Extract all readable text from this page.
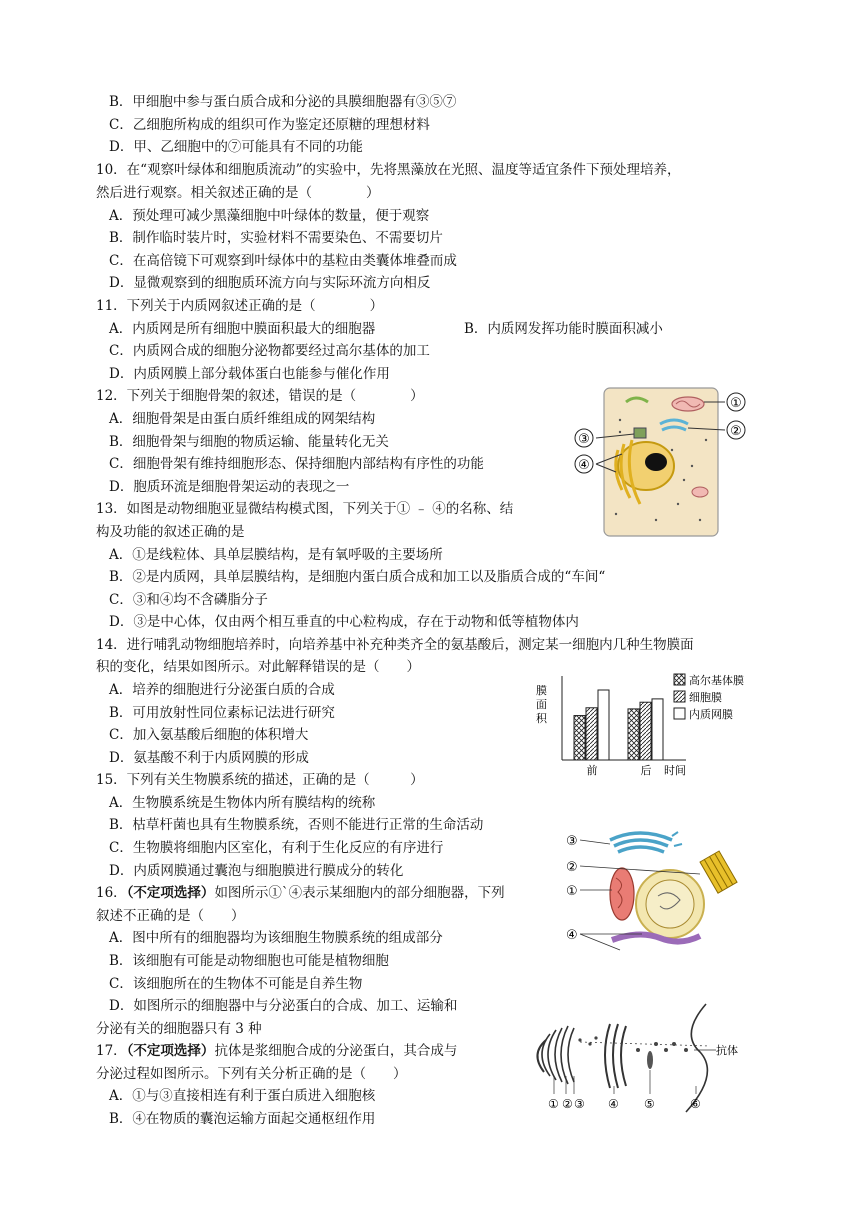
B．甲细胞中参与蛋白质合成和分泌的具膜细胞器有③⑤⑦
C．乙细胞所构成的组织可作为鉴定还原糖的理想材料
D．甲、乙细胞中的⑦可能具有不同的功能
10．在“观察叶绿体和细胞质流动”的实验中，先将黑藻放在光照、温度等适宜条件下预处理培养，
然后进行观察。相关叙述正确的是（　　　　）
A．预处理可减少黑藻细胞中叶绿体的数量，便于观察
B．制作临时装片时，实验材料不需要染色、不需要切片
C．在高倍镜下可观察到叶绿体中的基粒由类囊体堆叠而成
D．显微观察到的细胞质环流方向与实际环流方向相反
11．下列关于内质网叙述正确的是（　　　　）
A．内质网是所有细胞中膜面积最大的细胞器	B．内质网发挥功能时膜面积减小
C．内质网合成的细胞分泌物都要经过高尔基体的加工
D．内质网膜上部分载体蛋白也能参与催化作用
12．下列关于细胞骨架的叙述，错误的是（　　　　）
A．细胞骨架是由蛋白质纤维组成的网架结构
B．细胞骨架与细胞的物质运输、能量转化无关
C．细胞骨架有维持细胞形态、保持细胞内部结构有序性的功能
D．胞质环流是细胞骨架运动的表现之一
13．如图是动物细胞亚显微结构模式图，下列关于① ﹣ ④的名称、结
构及功能的叙述正确的是
A．①是线粒体、具单层膜结构，是有氧呼吸的主要场所
B．②是内质网，具单层膜结构，是细胞内蛋白质合成和加工以及脂质合成的“车间“
C．③和④均不含磷脂分子
D．③是中心体，仅由两个相互垂直的中心粒构成，存在于动物和低等植物体内
14．进行哺乳动物细胞培养时，向培养基中补充种类齐全的氨基酸后，测定某一细胞内几种生物膜面
积的变化，结果如图所示。对此解释错误的是（　　）
A．培养的细胞进行分泌蛋白质的合成
B．可用放射性同位素标记法进行研究
C．加入氨基酸后细胞的体积增大
D．氨基酸不利于内质网膜的形成
15．下列有关生物膜系统的描述，正确的是（　　　）
A．生物膜系统是生物体内所有膜结构的统称
B．枯草杆菌也具有生物膜系统，否则不能进行正常的生命活动
C．生物膜将细胞内区室化，有利于生化反应的有序进行
D．内质网膜通过囊泡与细胞膜进行膜成分的转化
16．（不定项选择）如图所示①`④表示某细胞内的部分细胞器，下列
叙述不正确的是（　　）
A．图中所有的细胞器均为该细胞生物膜系统的组成部分
B．该细胞有可能是动物细胞也可能是植物细胞
C．该细胞所在的生物体不可能是自养生物
D．如图所示的细胞器中与分泌蛋白的合成、加工、运输和
分泌有关的细胞器只有 3 种
17．（不定项选择）抗体是浆细胞合成的分泌蛋白，其合成与
分泌过程如图所示。下列有关分析正确的是（　　）
A．①与③直接相连有利于蛋白质进入细胞核
B．④在物质的囊泡运输方面起交通枢纽作用
①
②
③
④
前	后
膜
面
积
时间
高尔基体膜
细胞膜
内质网膜
③
②
①
④
抗体
① ② ③ ④ ⑤	⑥
